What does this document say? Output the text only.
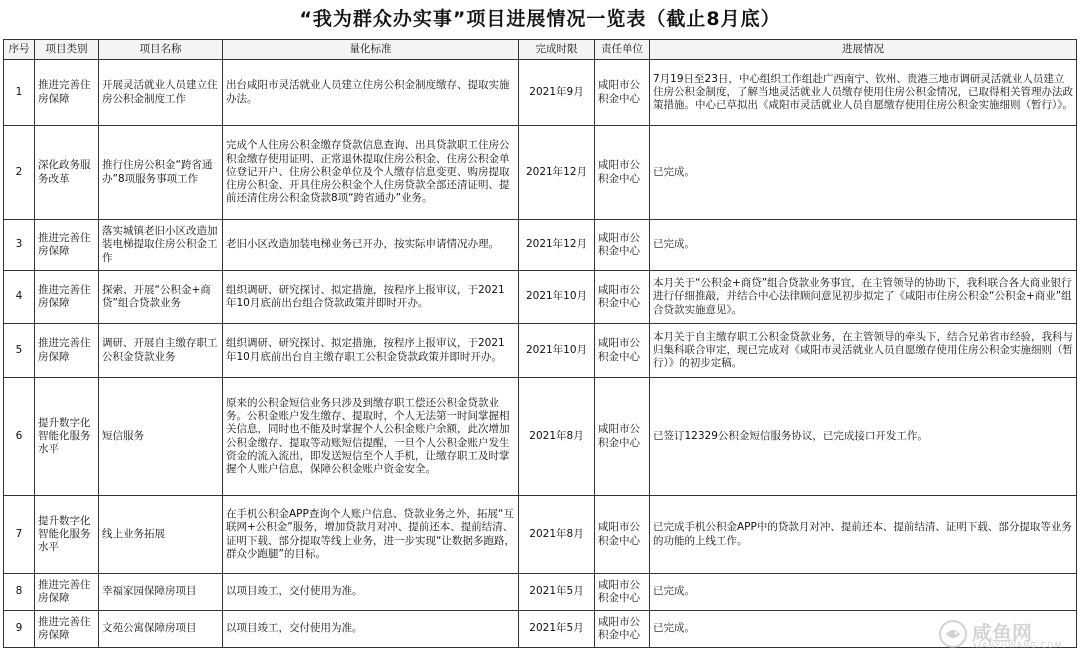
“我为群众办实事”项目进展情况一览表（截止8月底）
序号	项目类别	项目名称	量化标准	完成时限	责任单位	进展情况
1	推进完善住房保障	开展灵活就业人员建立住房公积金制度工作	出台咸阳市灵活就业人员建立住房公积金制度缴存、提取实施办法。	2021年9月	咸阳市公积金中心	7月19日至23日，中心组织工作组赴广西南宁、钦州、贵港三地市调研灵活就业人员建立住房公积金制度，了解当地灵活就业人员缴存使用住房公积金情况，已取得相关管理办法政策措施。中心已草拟出《咸阳市灵活就业人员自愿缴存使用住房公积金实施细则（暂行）》。
2	深化政务服务改革	推行住房公积金“跨省通办”8项服务事项工作	完成个人住房公积金缴存贷款信息查询、出具贷款职工住房公积金缴存使用证明、正常退休提取住房公积金、住房公积金单位登记开户、住房公积金单位及个人缴存信息变更、购房提取住房公积金、开具住房公积金个人住房贷款全部还清证明、提前还清住房公积金贷款8项“跨省通办”业务。	2021年12月	咸阳市公积金中心	已完成。
3	推进完善住房保障	落实城镇老旧小区改造加装电梯提取住房公积金工作	老旧小区改造加装电梯业务已开办，按实际申请情况办理。	2021年12月	咸阳市公积金中心	已完成。
4	推进完善住房保障	探索、开展“公积金+商贷”组合贷款业务	组织调研、研究探讨、拟定措施，按程序上报审议，于2021年10月底前出台组合贷款政策并即时开办。	2021年10月	咸阳市公积金中心	本月关于“公积金+商贷”组合贷款业务事宜，在主管领导的协助下，我科联合各大商业银行进行仔细推敲，并结合中心法律顾问意见初步拟定了《咸阳市住房公积金“公积金+商业”组合贷款实施意见》。
5	推进完善住房保障	调研、开展自主缴存职工公积金贷款业务	组织调研、研究探讨、拟定措施，按程序上报审议，于2021年10月底前出台自主缴存职工公积金贷款政策并即时开办。	2021年10月	咸阳市公积金中心	本月关于自主缴存职工公积金贷款业务，在主管领导的牵头下，结合兄弟省市经验，我科与归集科联合审定，现已完成对《咸阳市灵活就业人员自愿缴存使用住房公积金实施细则（暂行）》的初步定稿。
6	提升数字化智能化服务水平	短信服务	原来的公积金短信业务只涉及到缴存职工偿还公积金贷款业务。公积金账户发生缴存、提取时，个人无法第一时间掌握相关信息，同时也不能及时掌握个人公积金账户余额，此次增加公积金缴存、提取等动账短信提醒，一旦个人公积金账户发生资金的流入流出，即发送短信至个人手机，让缴存职工及时掌握个人账户信息，保障公积金账户资金安全。	2021年8月	咸阳市公积金中心	已签订12329公积金短信服务协议，已完成接口开发工作。
7	提升数字化智能化服务水平	线上业务拓展	在手机公积金APP查询个人账户信息、贷款业务之外，拓展“互联网+公积金”服务，增加贷款月对冲、提前还本、提前结清、证明下载、部分提取等线上业务，进一步实现“让数据多跑路，群众少跑腿”的目标。	2021年8月	咸阳市公积金中心	已完成手机公积金APP中的贷款月对冲、提前还本、提前结清、证明下载、部分提取等业务的功能的上线工作。
8	推进完善住房保障	幸福家园保障房项目	以项目竣工，交付使用为准。	2021年5月	咸阳市公积金中心	已完成。
9	推进完善住房保障	文苑公寓保障房项目	以项目竣工，交付使用为准。	2021年5月	咸阳市公积金中心	已完成。	咸鱼网
XIANYUWANG.COM
